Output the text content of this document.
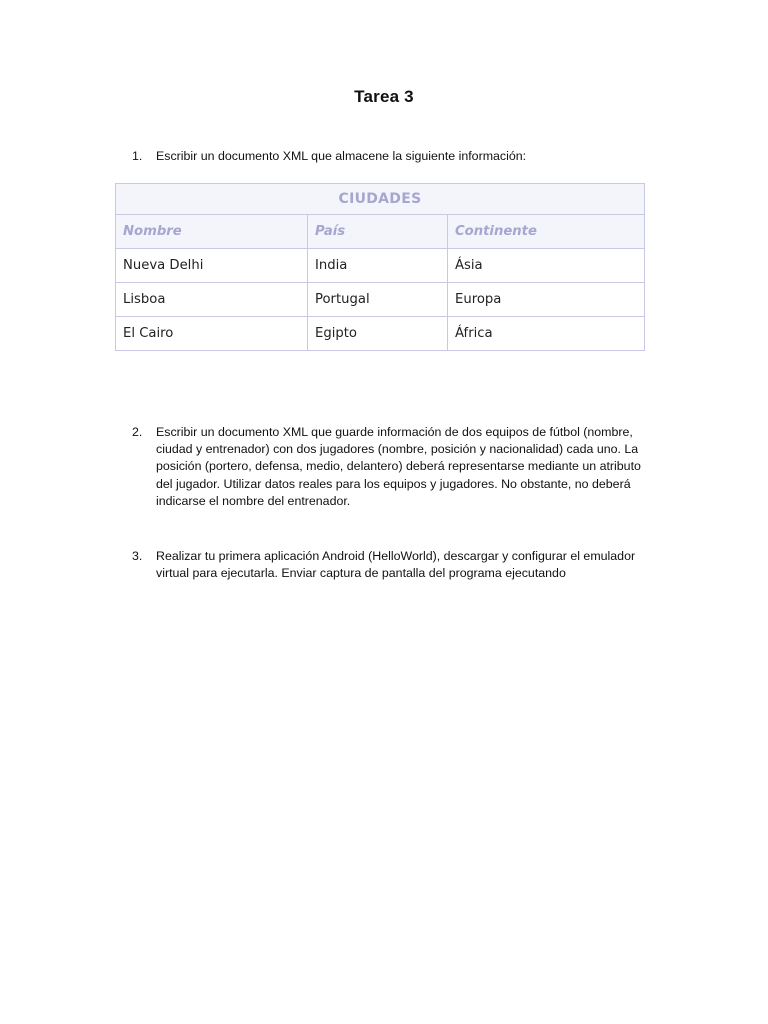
Tarea 3
1. Escribir un documento XML que almacene la siguiente información:
CIUDADES
Nombre	País	Continente
Nueva Delhi	India	Ásia
Lisboa	Portugal	Europa
El Cairo	Egipto	África
2. Escribir un documento XML que guarde información de dos equipos de fútbol (nombre, ciudad y entrenador) con dos jugadores (nombre, posición y nacionalidad) cada uno. La posición (portero, defensa, medio, delantero) deberá representarse mediante un atributo del jugador. Utilizar datos reales para los equipos y jugadores. No obstante, no deberá indicarse el nombre del entrenador.
3. Realizar tu primera aplicación Android (HelloWorld), descargar y configurar el emulador virtual para ejecutarla. Enviar captura de pantalla del programa ejecutando
